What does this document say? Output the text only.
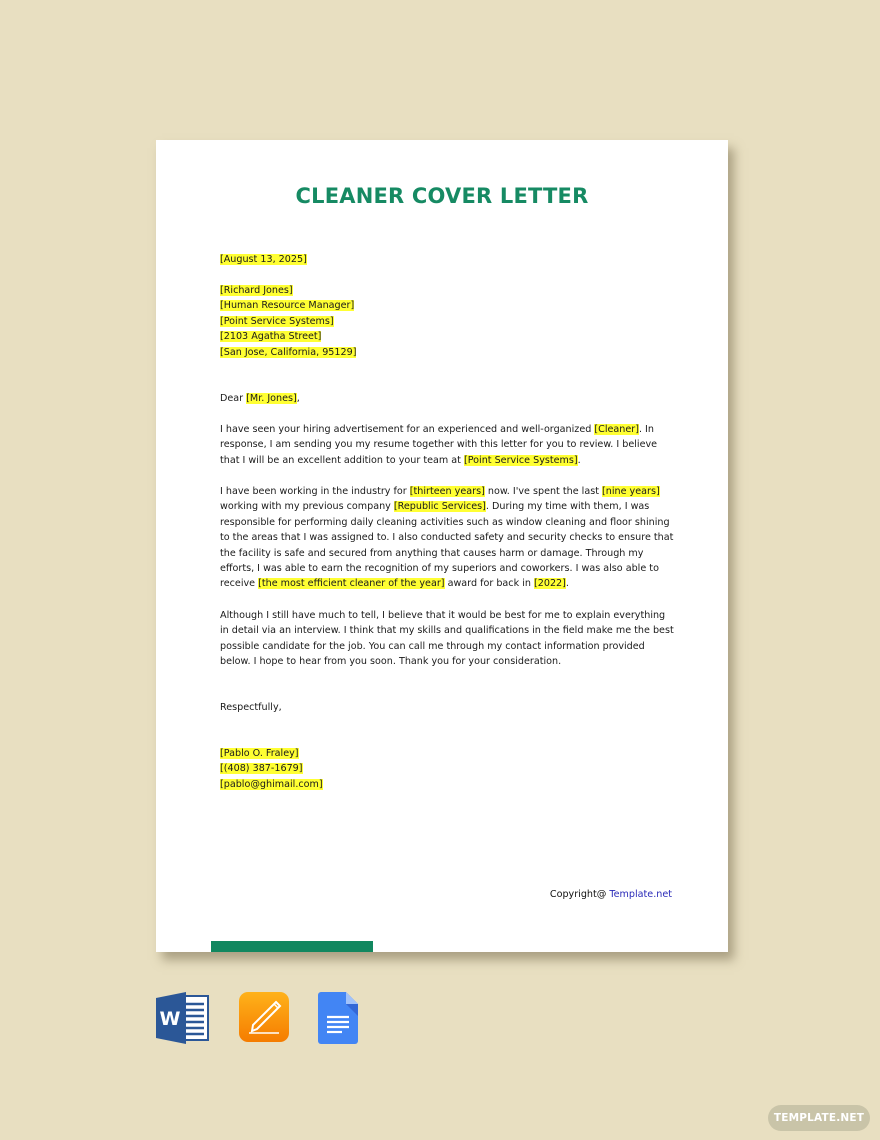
CLEANER COVER LETTER
[August 13, 2025]
[Richard Jones]
[Human Resource Manager]
[Point Service Systems]
[2103 Agatha Street]
[San Jose, California, 95129]
Dear [Mr. Jones],

I have seen your hiring advertisement for an experienced and well-organized [Cleaner]. In response, I am sending you my resume together with this letter for you to review. I believe that I will be an excellent addition to your team at [Point Service Systems].

I have been working in the industry for [thirteen years] now. I've spent the last [nine years] working with my previous company [Republic Services]. During my time with them, I was responsible for performing daily cleaning activities such as window cleaning and floor shining to the areas that I was assigned to. I also conducted safety and security checks to ensure that the facility is safe and secured from anything that causes harm or damage. Through my efforts, I was able to earn the recognition of my superiors and coworkers. I was also able to receive [the most efficient cleaner of the year] award for back in [2022].

Although I still have much to tell, I believe that it would be best for me to explain everything in detail via an interview. I think that my skills and qualifications in the field make me the best possible candidate for the job. You can call me through my contact information provided below. I hope to hear from you soon. Thank you for your consideration.

Respectfully,
[Pablo O. Fraley]
[(408) 387-1679]
[pablo@ghimail.com]
Copyright@ Template.net
W
TEMPLATE.NET
